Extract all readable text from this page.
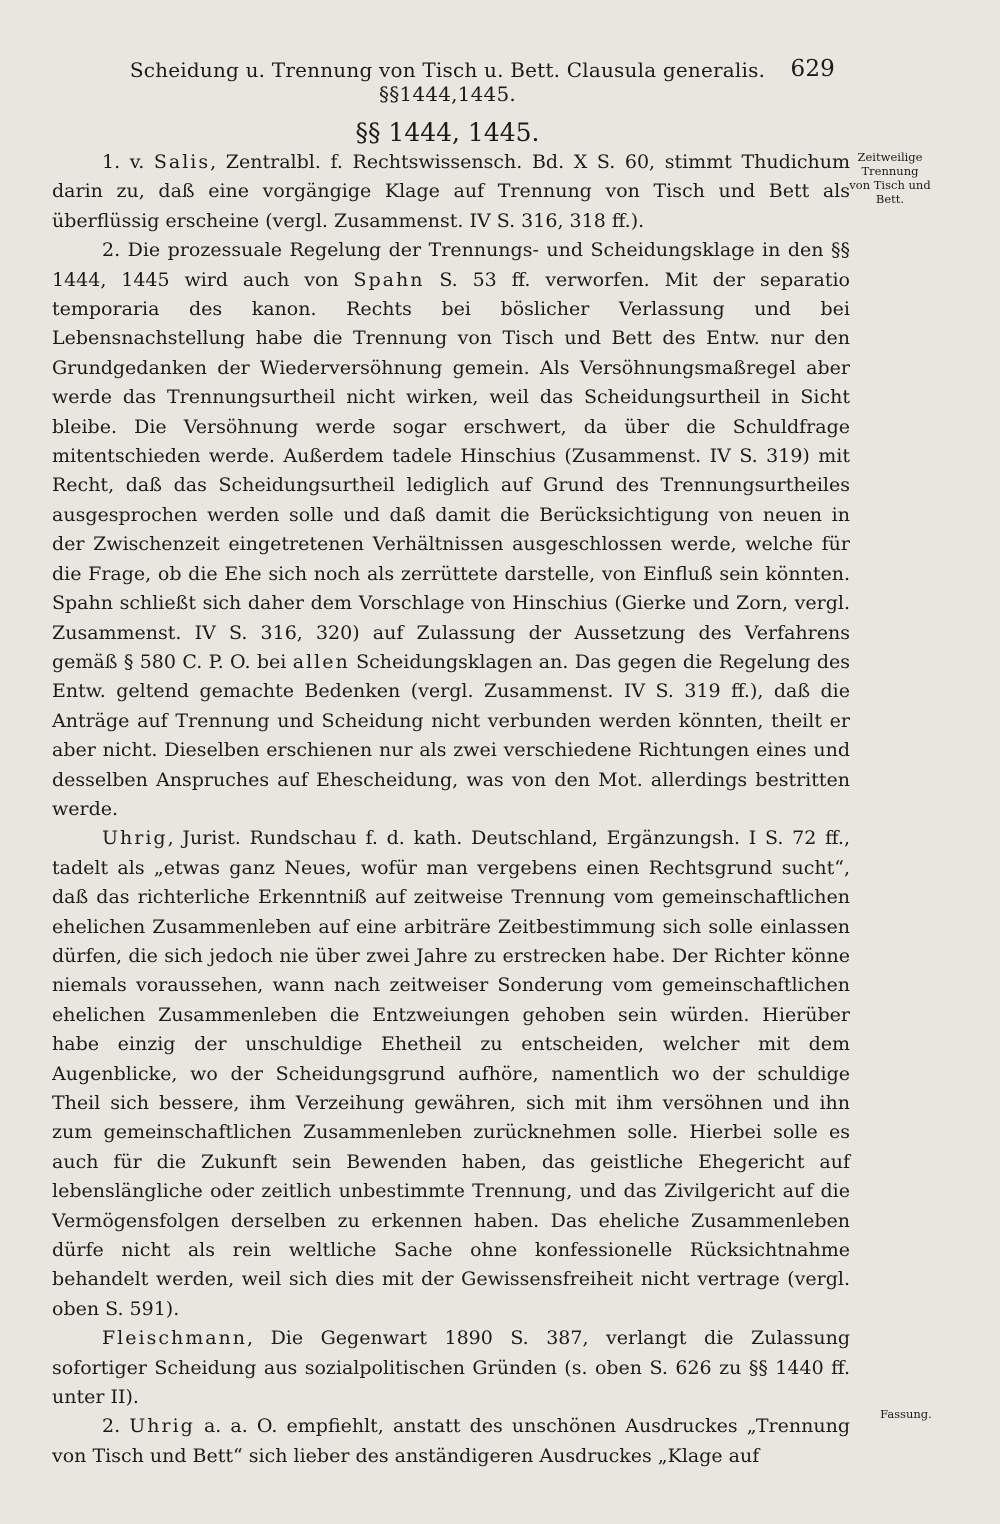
Scheidung u. Trennung von Tisch u. Bett. Clausula generalis. §§1444,1445.
629
§§ 1444, 1445.
Zeitweilige
Trennung
von Tisch und
Bett.
Fassung.

1. v. Salis, Zentralbl. f. Rechtswissensch. Bd. X S. 60, stimmt Thudichum darin zu, daß eine vorgängige Klage auf Trennung von Tisch und Bett als überflüssig erscheine (vergl. Zusammenst. IV S. 316, 318 ff.).

2. Die prozessuale Regelung der Trennungs- und Scheidungsklage in den §§ 1444, 1445 wird auch von Spahn S. 53 ff. verworfen. Mit der separatio temporaria des kanon. Rechts bei böslicher Verlassung und bei Lebensnachstellung habe die Trennung von Tisch und Bett des Entw. nur den Grundgedanken der Wiederversöhnung gemein. Als Versöhnungsmaßregel aber werde das Trennungsurtheil nicht wirken, weil das Scheidungsurtheil in Sicht bleibe. Die Versöhnung werde sogar erschwert, da über die Schuldfrage mitentschieden werde. Außerdem tadele Hinschius (Zusammenst. IV S. 319) mit Recht, daß das Scheidungsurtheil lediglich auf Grund des Trennungsurtheiles ausgesprochen werden solle und daß damit die Berücksichtigung von neuen in der Zwischenzeit eingetretenen Verhältnissen ausgeschlossen werde, welche für die Frage, ob die Ehe sich noch als zerrüttete darstelle, von Einfluß sein könnten. Spahn schließt sich daher dem Vorschlage von Hinschius (Gierke und Zorn, vergl. Zusammenst. IV S. 316, 320) auf Zulassung der Aussetzung des Verfahrens gemäß § 580 C. P. O. bei allen Scheidungsklagen an. Das gegen die Regelung des Entw. geltend gemachte Bedenken (vergl. Zusammenst. IV S. 319 ff.), daß die Anträge auf Trennung und Scheidung nicht verbunden werden könnten, theilt er aber nicht. Dieselben erschienen nur als zwei verschiedene Richtungen eines und desselben Anspruches auf Ehescheidung, was von den Mot. allerdings bestritten werde.

Uhrig, Jurist. Rundschau f. d. kath. Deutschland, Ergänzungsh. I S. 72 ff., tadelt als „etwas ganz Neues, wofür man vergebens einen Rechtsgrund sucht“, daß das richterliche Erkenntniß auf zeitweise Trennung vom gemeinschaftlichen ehelichen Zusammenleben auf eine arbiträre Zeitbestimmung sich solle einlassen dürfen, die sich jedoch nie über zwei Jahre zu erstrecken habe. Der Richter könne niemals voraussehen, wann nach zeitweiser Sonderung vom gemeinschaftlichen ehelichen Zusammenleben die Entzweiungen gehoben sein würden. Hierüber habe einzig der unschuldige Ehetheil zu entscheiden, welcher mit dem Augenblicke, wo der Scheidungsgrund aufhöre, namentlich wo der schuldige Theil sich bessere, ihm Verzeihung gewähren, sich mit ihm versöhnen und ihn zum gemeinschaftlichen Zusammenleben zurücknehmen solle. Hierbei solle es auch für die Zukunft sein Bewenden haben, das geistliche Ehegericht auf lebenslängliche oder zeitlich unbestimmte Trennung, und das Zivilgericht auf die Vermögensfolgen derselben zu erkennen haben. Das eheliche Zusammenleben dürfe nicht als rein weltliche Sache ohne konfessionelle Rücksichtnahme behandelt werden, weil sich dies mit der Gewissensfreiheit nicht vertrage (vergl. oben S. 591).

Fleischmann, Die Gegenwart 1890 S. 387, verlangt die Zulassung sofortiger Scheidung aus sozialpolitischen Gründen (s. oben S. 626 zu §§ 1440 ff. unter II).

2. Uhrig a. a. O. empfiehlt, anstatt des unschönen Ausdruckes „Trennung von Tisch und Bett“ sich lieber des anständigeren Ausdruckes „Klage auf
